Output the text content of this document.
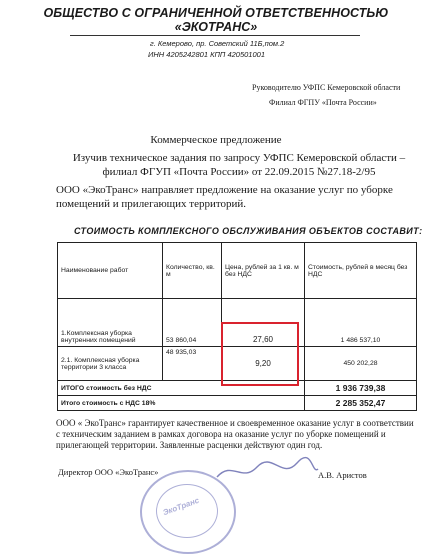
ОБЩЕСТВО С ОГРАНИЧЕННОЙ ОТВЕТСТВЕННОСТЬЮ
«ЭКОТРАНС»
г. Кемерово, пр. Советский 11Б,пом.2
ИНН 4205242801 КПП 420501001
Руководителю УФПС Кемеровской области
Филиал ФГПУ «Почта России»
Коммерческое предложение
Изучив техническое задания по запросу УФПС Кемеровской области – филиал ФГУП «Почта России» от 22.09.2015 №27.18-2/95
ООО «ЭкоТранс» направляет предложение на оказание услуг по уборке помещений и прилегающих территорий.
СТОИМОСТЬ КОМПЛЕКСНОГО ОБСЛУЖИВАНИЯ ОБЪЕКТОВ СОСТАВИТ:
Наименование работ	Количество, кв. м	Цена, рублей за 1 кв. м без НДС	Стоимость, рублей в месяц без НДС
1.Комплексная уборка внутренних помещений	53 860,04	27,60	1 486 537,10
2.1. Комплексная уборка территории 3 класса	48 935,03	9,20	450 202,28
ИТОГО стоимость без НДС			1 936 739,38
Итого стоимость с НДС 18%			2 285 352,47
ООО « ЭкоТранс» гарантирует качественное и своевременное оказание услуг в соответствии с техническим заданием в рамках договора на оказание услуг по уборке помещений и прилегающей территории. Заявленные расценки действуют один год.
Директор ООО «ЭкоТранс»	А.В. Аристов
ЭкоТранс
